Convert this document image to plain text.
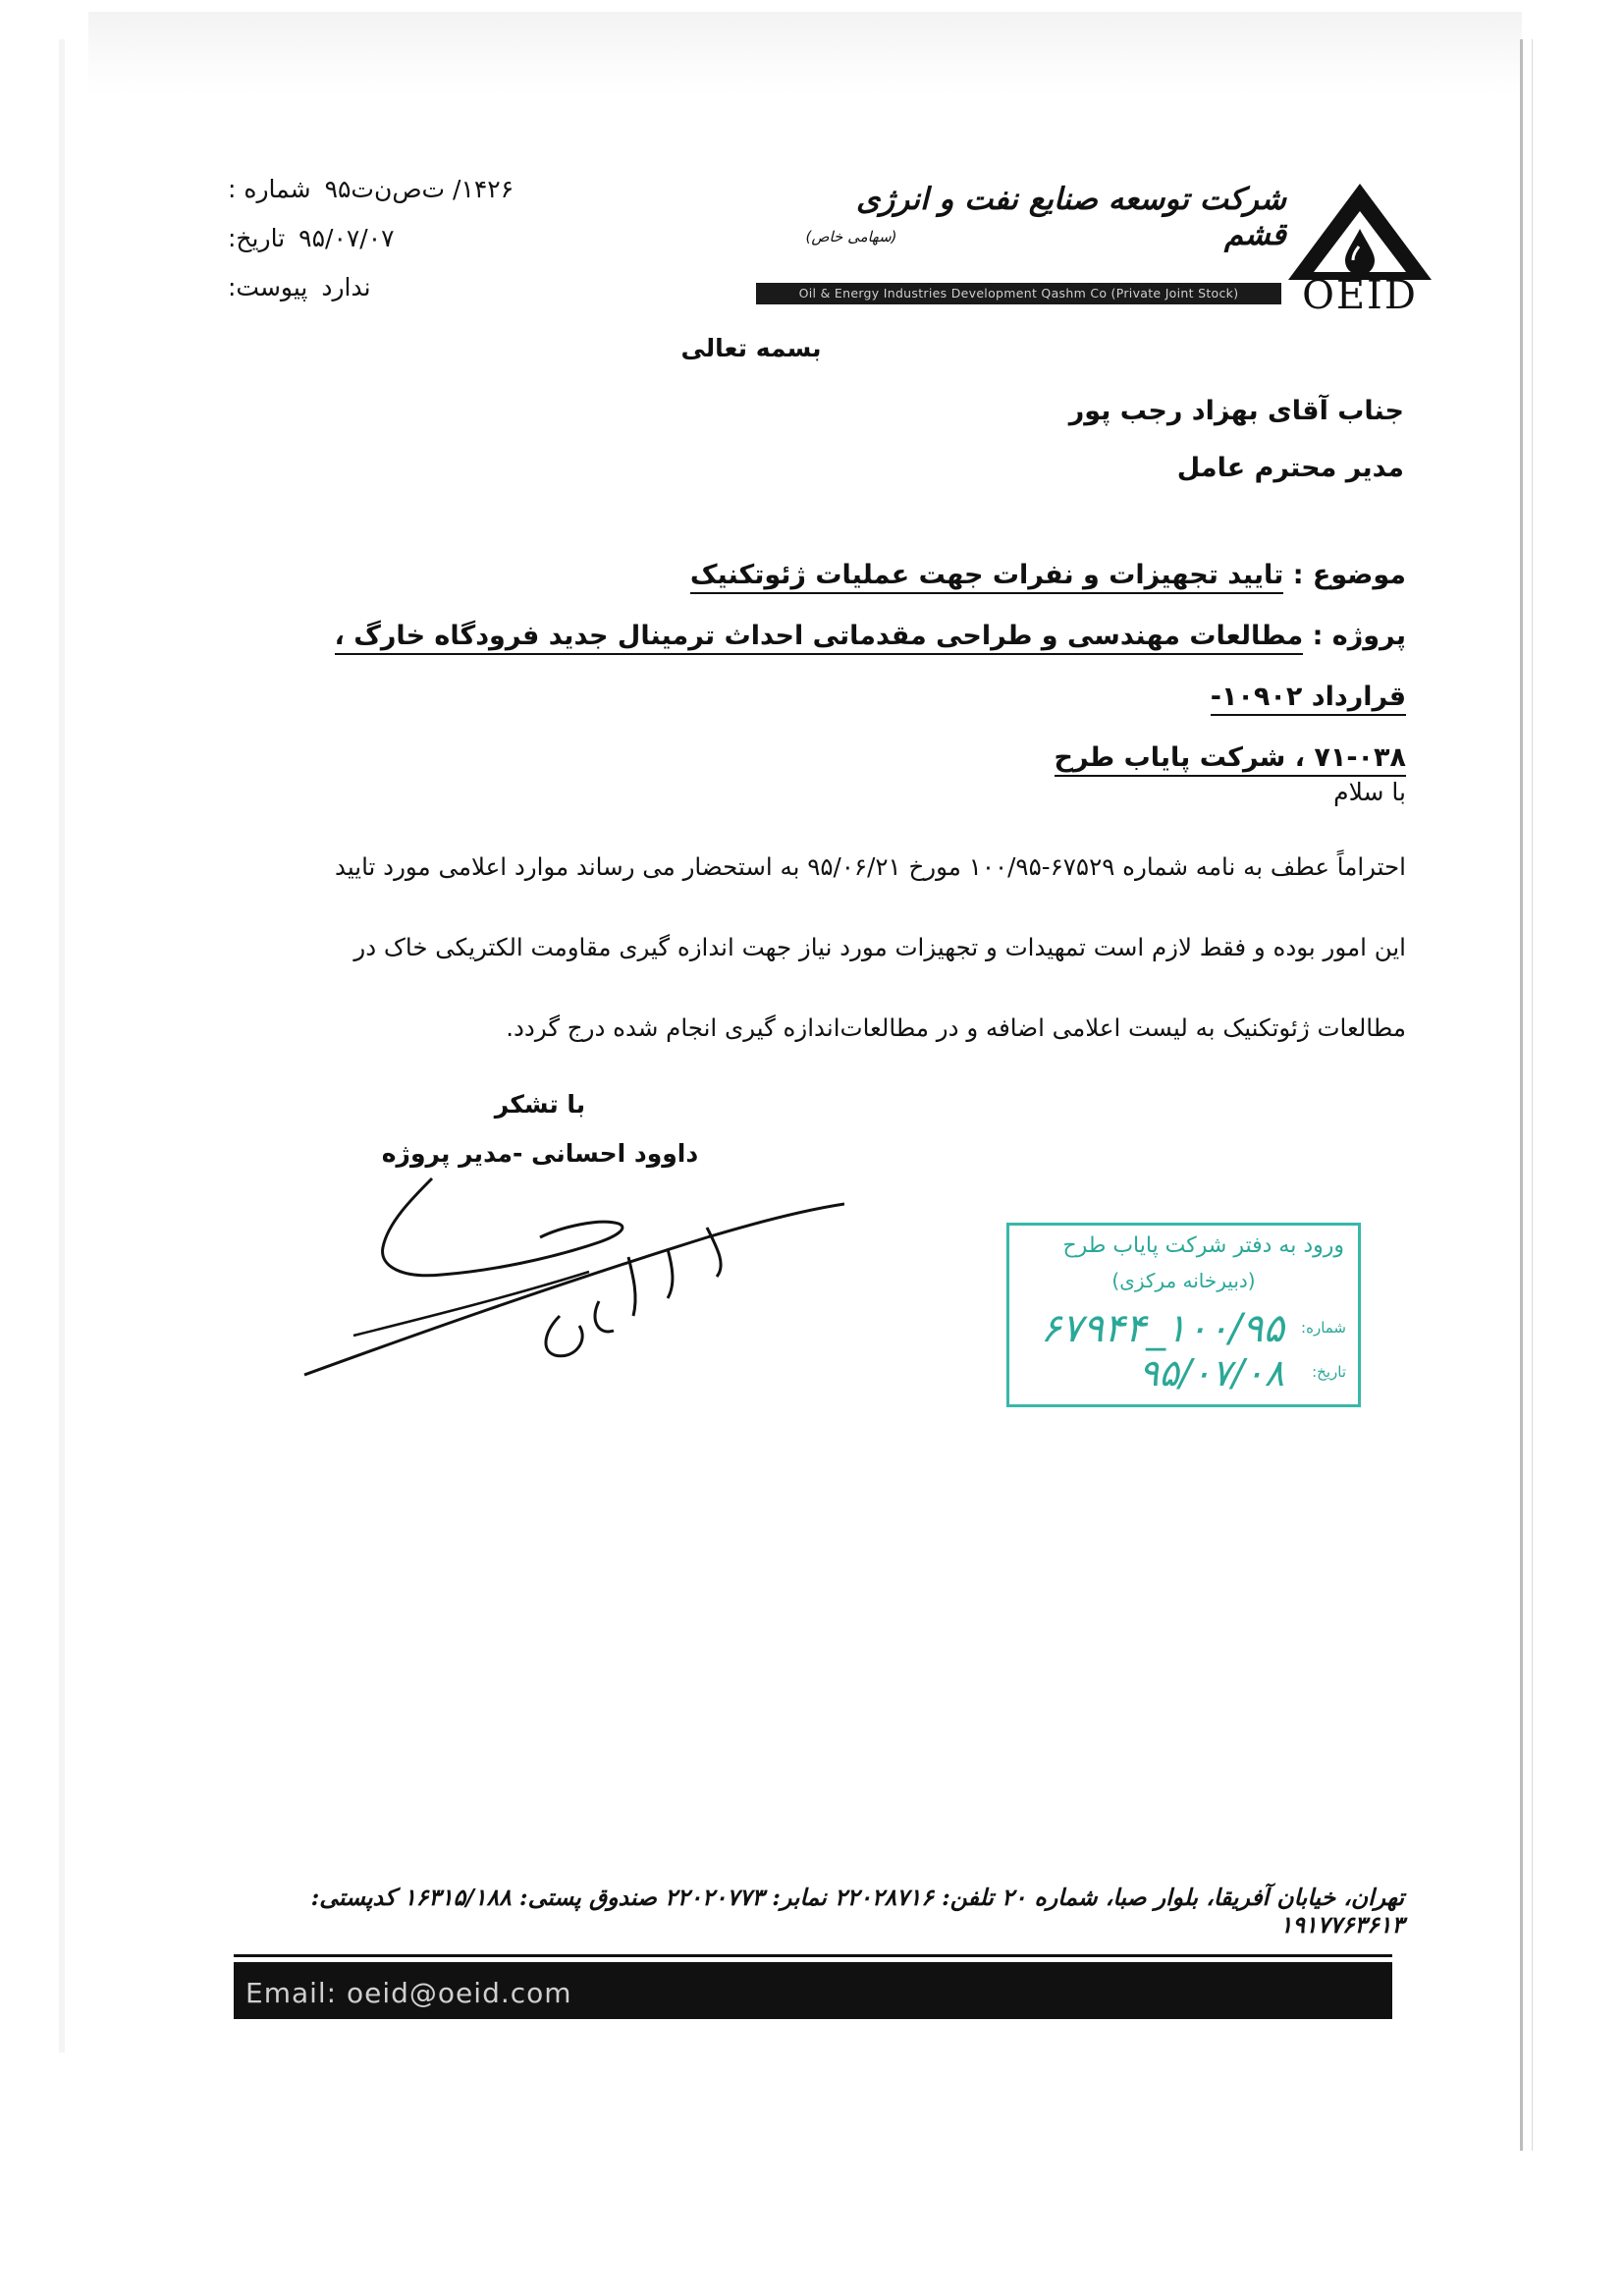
شماره : ۱۴۲۶/ ت‌ص‌ن‌ت۹۵
تاریخ: ۹۵/۰۷/۰۷
پیوست: ندارد	OEID
شرکت توسعه صنایع نفت و انرژی قشم
(سهامی خاص)
Oil & Energy Industries Development Qashm Co (Private Joint Stock)
بسمه تعالی
جناب آقای بهزاد رجب پور
مدیر محترم عامل
موضوع : تایید تجهیزات و نفرات جهت عملیات ژئوتکنیک
پروژه : مطالعات مهندسی و طراحی مقدماتی احداث ترمینال جدید فرودگاه خارگ ، قرارداد ۱۰۹۰۲-
۷۱-۰۳۸ ، شرکت پایاب طرح
با سلام
احتراماً عطف به نامه شماره ۶۷۵۲۹-۱۰۰/۹۵ مورخ ۹۵/۰۶/۲۱ به استحضار می رساند موارد اعلامی مورد تایید
این امور بوده و فقط لازم است تمهیدات و تجهیزات مورد نیاز جهت اندازه گیری مقاومت الکتریکی خاک در
مطالعات ژئوتکنیک به لیست اعلامی اضافه و در مطالعات‌اندازه گیری انجام شده درج گردد.
با تشکر
داوود احسانی -مدیر پروژه
ورود به دفتر شرکت پایاب طرح
(دبیرخانه مرکزی)
شماره:
۱۰۰/۹۵_۶۷۹۴۴
تاریخ:
۹۵/۰۷/۰۸
تهران، خیابان آفریقا، بلوار صبا، شماره ۲۰ تلفن: ۲۲۰۲۸۷۱۶ نمابر: ۲۲۰۲۰۷۷۳ صندوق پستی: ۱۶۳۱۵/۱۸۸ کدپستی: ۱۹۱۷۷۶۳۶۱۳
Email: oeid@oeid.com
